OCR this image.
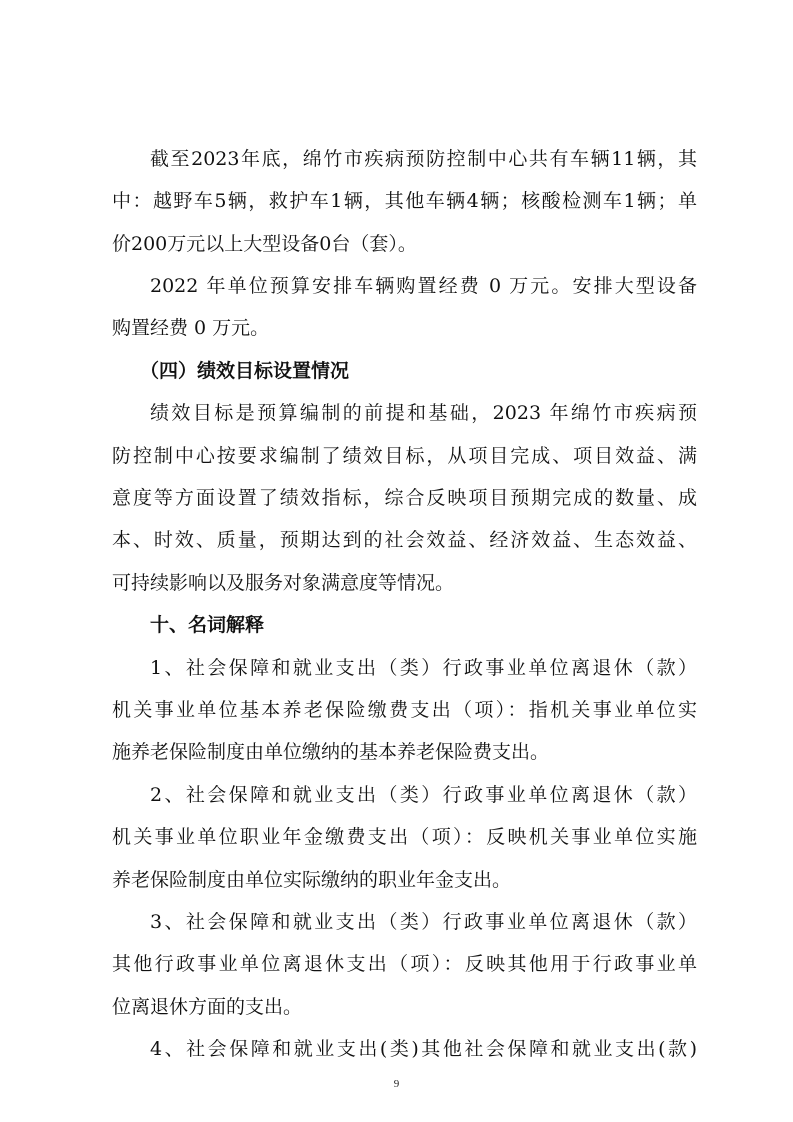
截至2023年底，绵竹市疾病预防控制中心共有车辆11辆，其
中：越野车5辆，救护车1辆，其他车辆4辆；核酸检测车1辆；单
价200万元以上大型设备0台（套）。
2022 年单位预算安排车辆购置经费 0 万元。安排大型设备
购置经费 0 万元。
（四）绩效目标设置情况
绩效目标是预算编制的前提和基础，2023 年绵竹市疾病预
防控制中心按要求编制了绩效目标，从项目完成、项目效益、满
意度等方面设置了绩效指标，综合反映项目预期完成的数量、成
本、时效、质量，预期达到的社会效益、经济效益、生态效益、
可持续影响以及服务对象满意度等情况。
十、名词解释
1、社会保障和就业支出（类）行政事业单位离退休（款）
机关事业单位基本养老保险缴费支出（项）：指机关事业单位实
施养老保险制度由单位缴纳的基本养老保险费支出。
2、社会保障和就业支出（类）行政事业单位离退休（款）
机关事业单位职业年金缴费支出（项）：反映机关事业单位实施
养老保险制度由单位实际缴纳的职业年金支出。
3、社会保障和就业支出（类）行政事业单位离退休（款）
其他行政事业单位离退休支出（项）：反映其他用于行政事业单
位离退休方面的支出。
4、社会保障和就业支出(类)其他社会保障和就业支出(款)
9
